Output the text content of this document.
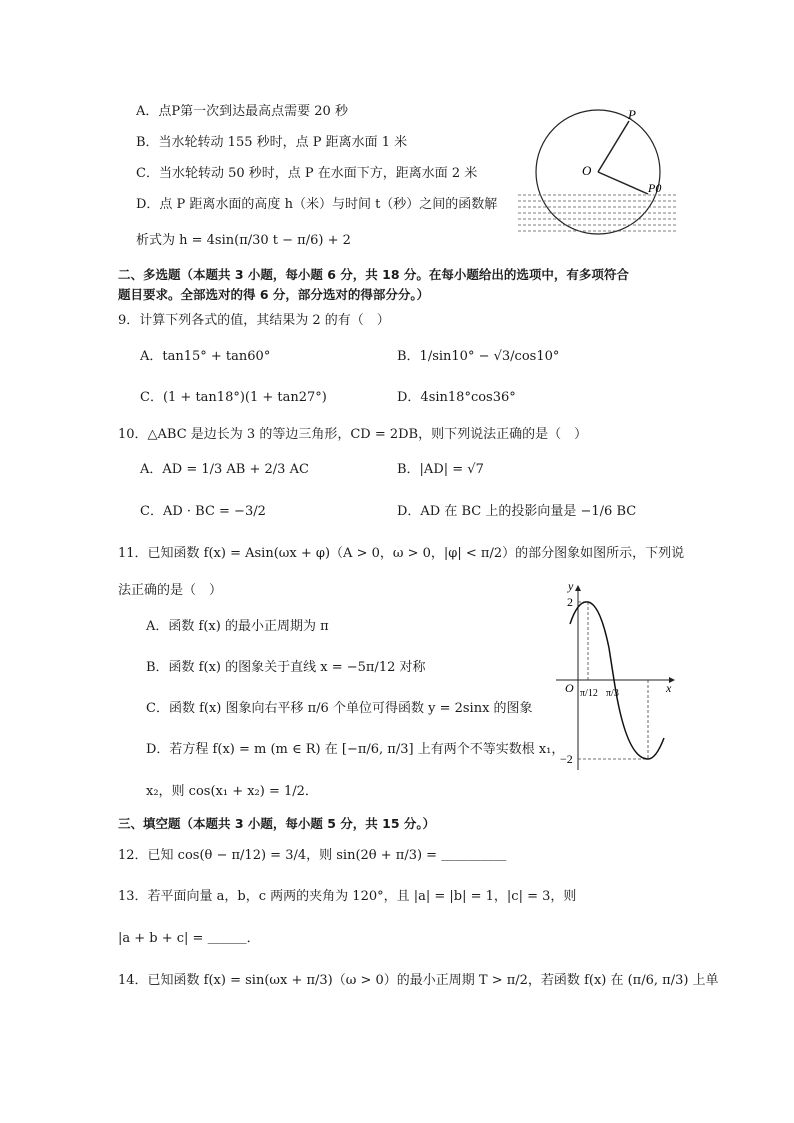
A．点P第一次到达最高点需要 20 秒
B．当水轮转动 155 秒时，点 P 距离水面 1 米
C．当水轮转动 50 秒时，点 P 在水面下方，距离水面 2 米
D．点 P 距离水面的高度 h（米）与时间 t（秒）之间的函数解
析式为 h = 4sin(π/30 t − π/6) + 2
P
O
P0
二、多选题（本题共 3 小题，每小题 6 分，共 18 分。在每小题给出的选项中，有多项符合
题目要求。全部选对的得 6 分，部分选对的得部分分。）
9．计算下列各式的值，其结果为 2 的有（　）
A．tan15° + tan60°	B．1/sin10° − √3/cos10°
C．(1 + tan18°)(1 + tan27°)	D．4sin18°cos36°
10．△ABC 是边长为 3 的等边三角形，CD = 2DB，则下列说法正确的是（　）
A．AD = 1/3 AB + 2/3 AC	B．|AD| = √7
C．AD · BC = −3/2	D．AD 在 BC 上的投影向量是 −1/6 BC
11．已知函数 f(x) = Asin(ωx + φ)（A > 0，ω > 0，|φ| < π/2）的部分图象如图所示，下列说
法正确的是（　）
A．函数 f(x) 的最小正周期为 π
B．函数 f(x) 的图象关于直线 x = −5π/12 对称
C．函数 f(x) 图象向右平移 π/6 个单位可得函数 y = 2sinx 的图象
D．若方程 f(x) = m (m ∈ R) 在 [−π/6, π/3] 上有两个不等实数根 x₁，
x₂，则 cos(x₁ + x₂) = 1/2．
y
x
O
2
−2
π/12 π/3
三、填空题（本题共 3 小题，每小题 5 分，共 15 分。）
12．已知 cos(θ − π/12) = 3/4，则 sin(2θ + π/3) = ＿＿＿＿＿
13．若平面向量 a，b，c 两两的夹角为 120°，且 |a| = |b| = 1，|c| = 3，则
|a + b + c| = ＿＿＿．
14．已知函数 f(x) = sin(ωx + π/3)（ω > 0）的最小正周期 T > π/2，若函数 f(x) 在 (π/6, π/3) 上单
